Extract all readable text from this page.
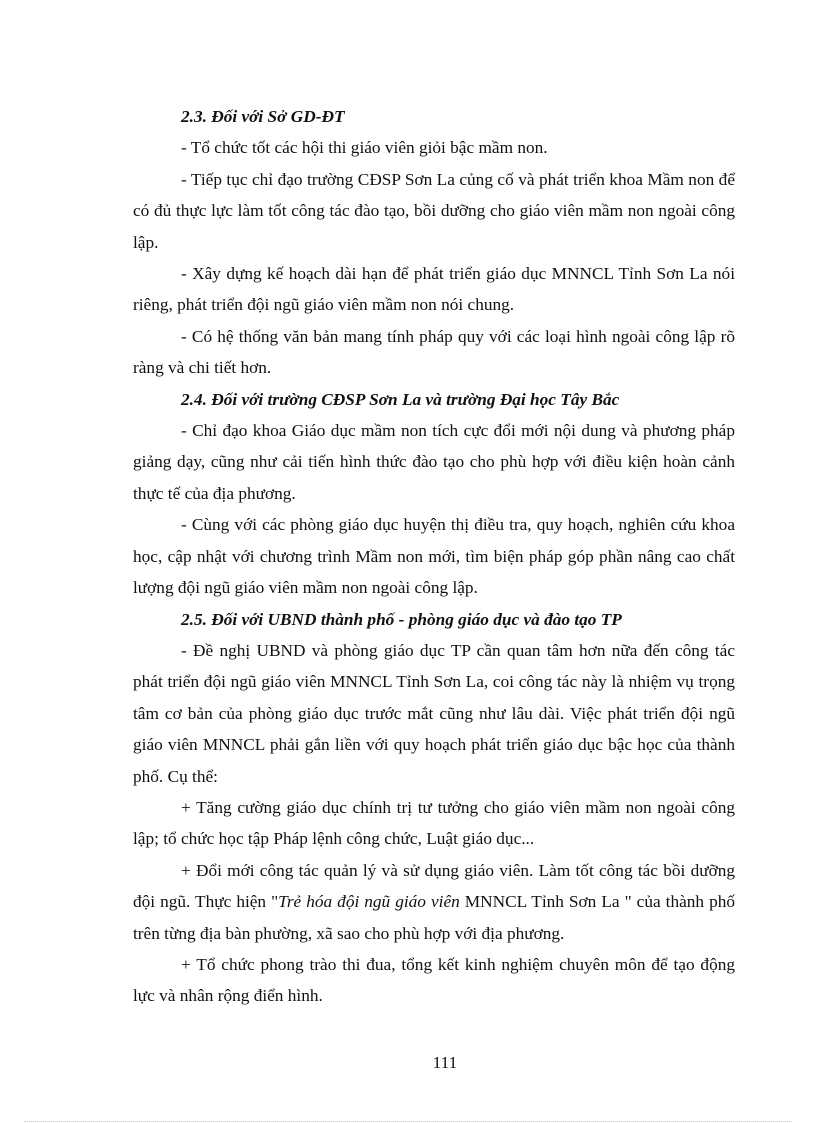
2.3. Đối với Sở GD-ĐT

- Tổ chức tốt các hội thi giáo viên giỏi bậc mầm non.

- Tiếp tục chỉ đạo trường CĐSP Sơn La củng cố và phát triển khoa Mầm non để có đủ thực lực làm tốt công tác đào tạo, bồi dưỡng cho giáo viên mầm non ngoài công lập.

- Xây dựng kế hoạch dài hạn để phát triển giáo dục MNNCL Tỉnh Sơn La nói riêng, phát triển đội ngũ giáo viên mầm non nói chung.

- Có hệ thống văn bản mang tính pháp quy với các loại hình ngoài công lập rõ ràng và chi tiết hơn.

2.4. Đối với trường CĐSP Sơn La và trường Đại học Tây Bắc

- Chỉ đạo khoa Giáo dục mầm non tích cực đổi mới nội dung và phương pháp giảng dạy, cũng như cải tiến hình thức đào tạo cho phù hợp với điều kiện hoàn cảnh thực tế của địa phương.

- Cùng với các phòng giáo dục huyện thị điều tra, quy hoạch, nghiên cứu khoa học, cập nhật với chương trình Mầm non mới, tìm biện pháp góp phần nâng cao chất lượng đội ngũ giáo viên mầm non ngoài công lập.

2.5. Đối với UBND thành phố - phòng giáo dục và đào tạo TP

- Đề nghị UBND và phòng giáo dục TP cần quan tâm hơn nữa đến công tác phát triển đội ngũ giáo viên MNNCL Tỉnh Sơn La, coi công tác này là nhiệm vụ trọng tâm cơ bản của phòng giáo dục trước mắt cũng như lâu dài. Việc phát triển đội ngũ giáo viên MNNCL phải gắn liền với quy hoạch phát triển giáo dục bậc học của thành phố. Cụ thể:

+ Tăng cường giáo dục chính trị tư tưởng cho giáo viên mầm non ngoài công lập; tổ chức học tập Pháp lệnh công chức, Luật giáo dục...

+ Đổi mới công tác quản lý và sử dụng giáo viên. Làm tốt công tác bồi dưỡng đội ngũ. Thực hiện "Trẻ hóa đội ngũ giáo viên MNNCL Tỉnh Sơn La " của thành phố trên từng địa bàn phường, xã sao cho phù hợp với địa phương.

+ Tổ chức phong trào thi đua, tổng kết kinh nghiệm chuyên môn để tạo động lực và nhân rộng điển hình.

111
